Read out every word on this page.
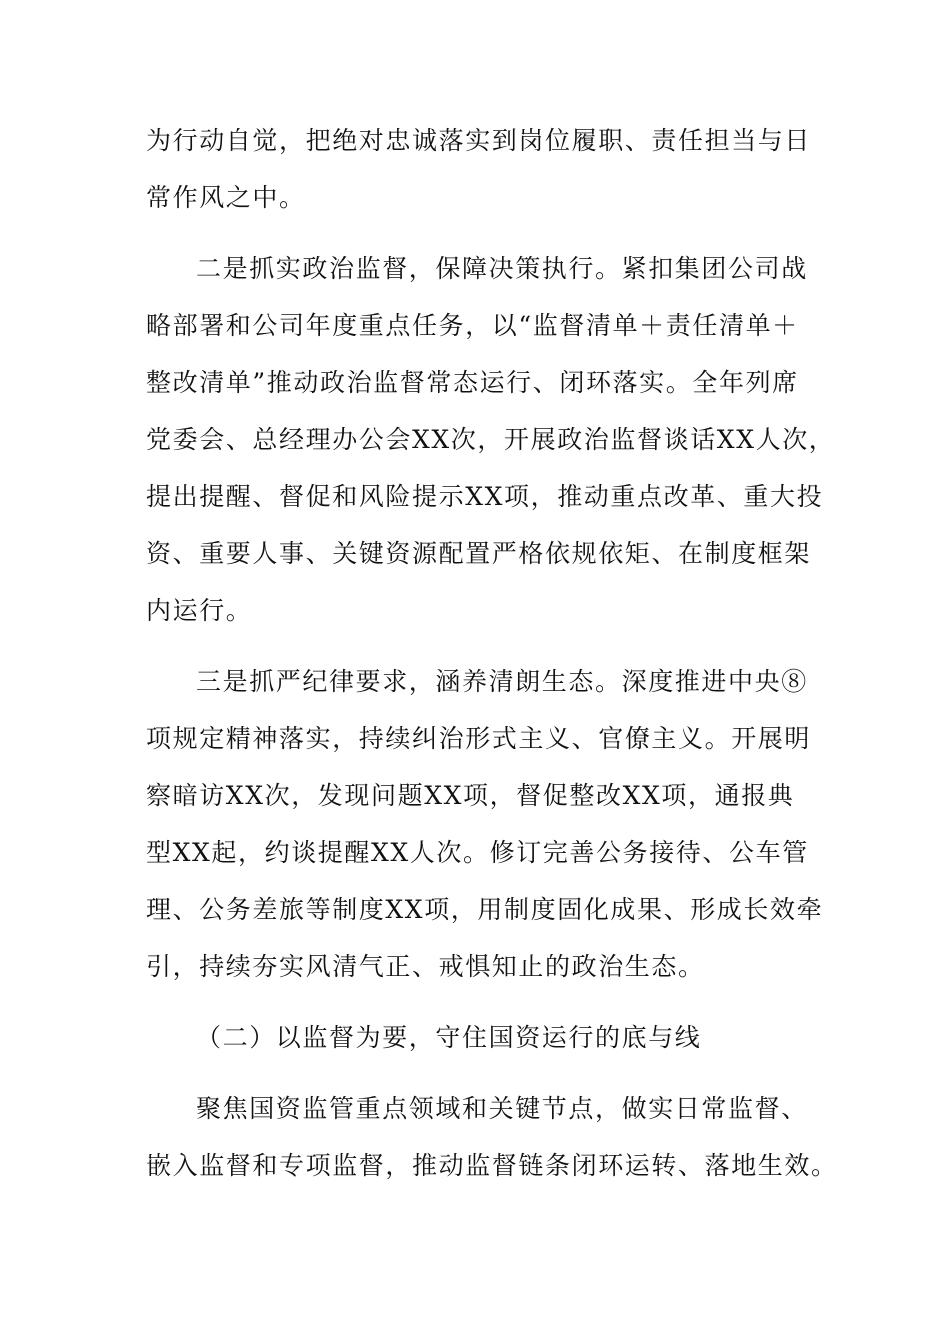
为行动自觉，把绝对忠诚落实到岗位履职、责任担当与日
常作风之中。
二是抓实政治监督，保障决策执行。紧扣集团公司战
略部署和公司年度重点任务，以“监督清单＋责任清单＋
整改清单”推动政治监督常态运行、闭环落实。全年列席
党委会、总经理办公会XX次，开展政治监督谈话XX人次，
提出提醒、督促和风险提示XX项，推动重点改革、重大投
资、重要人事、关键资源配置严格依规依矩、在制度框架
内运行。
三是抓严纪律要求，涵养清朗生态。深度推进中央⑧
项规定精神落实，持续纠治形式主义、官僚主义。开展明
察暗访XX次，发现问题XX项，督促整改XX项，通报典
型XX起，约谈提醒XX人次。修订完善公务接待、公车管
理、公务差旅等制度XX项，用制度固化成果、形成长效牵
引，持续夯实风清气正、戒惧知止的政治生态。
（二）以监督为要，守住国资运行的底与线
聚焦国资监管重点领域和关键节点，做实日常监督、
嵌入监督和专项监督，推动监督链条闭环运转、落地生效。
